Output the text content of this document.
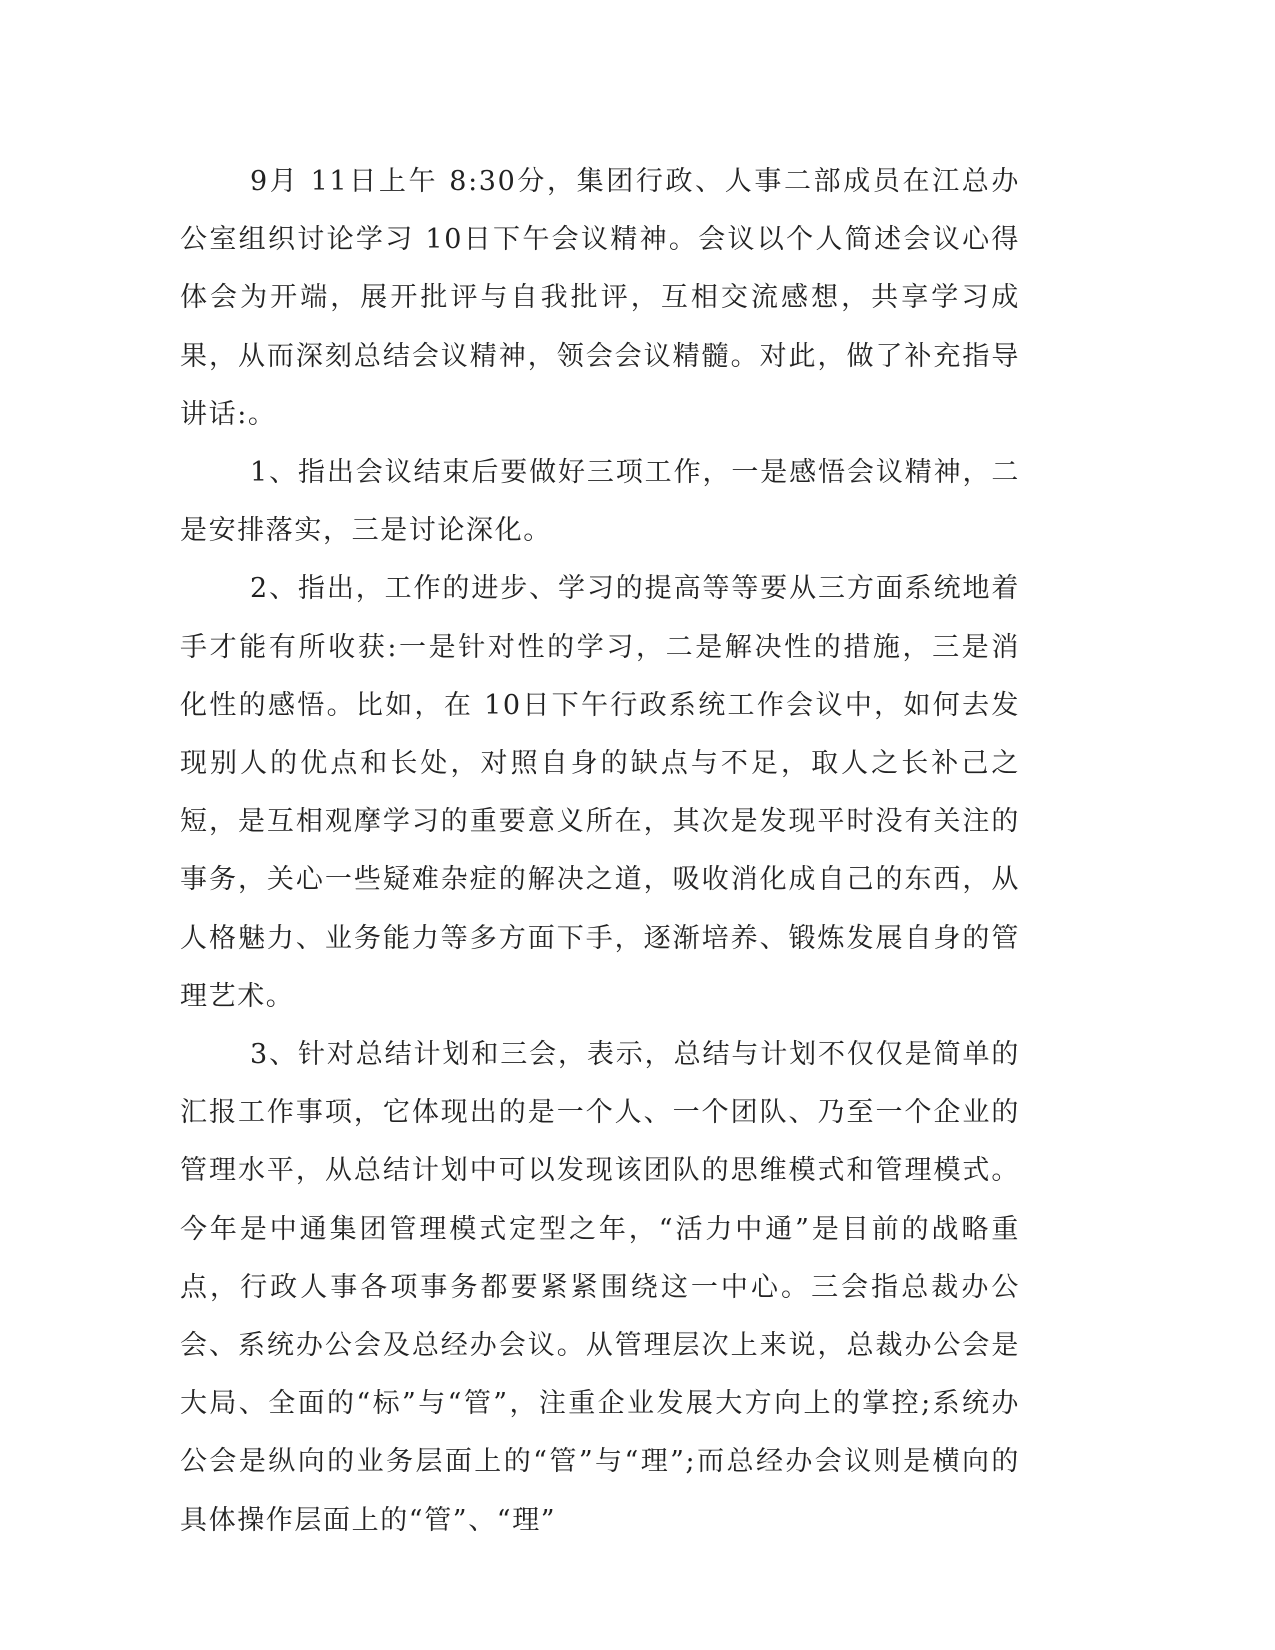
9月 11日上午 8:30分，集团行政、人事二部成员在江总办公室组织讨论学习 10日下午会议精神。会议以个人简述会议心得体会为开端，展开批评与自我批评，互相交流感想，共享学习成果，从而深刻总结会议精神，领会会议精髓。对此，做了补充指导讲话:。

1、指出会议结束后要做好三项工作，一是感悟会议精神，二是安排落实，三是讨论深化。

2、指出，工作的进步、学习的提高等等要从三方面系统地着手才能有所收获:一是针对性的学习，二是解决性的措施，三是消化性的感悟。比如，在 10日下午行政系统工作会议中，如何去发现别人的优点和长处，对照自身的缺点与不足，取人之长补己之短，是互相观摩学习的重要意义所在，其次是发现平时没有关注的事务，关心一些疑难杂症的解决之道，吸收消化成自己的东西，从人格魅力、业务能力等多方面下手，逐渐培养、锻炼发展自身的管理艺术。

3、针对总结计划和三会，表示，总结与计划不仅仅是简单的汇报工作事项，它体现出的是一个人、一个团队、乃至一个企业的管理水平，从总结计划中可以发现该团队的思维模式和管理模式。今年是中通集团管理模式定型之年，“活力中通”是目前的战略重点，行政人事各项事务都要紧紧围绕这一中心。三会指总裁办公会、系统办公会及总经办会议。从管理层次上来说，总裁办公会是大局、全面的“标”与“管”，注重企业发展大方向上的掌控;系统办公会是纵向的业务层面上的“管”与“理”;而总经办会议则是横向的具体操作层面上的“管”、“理”
